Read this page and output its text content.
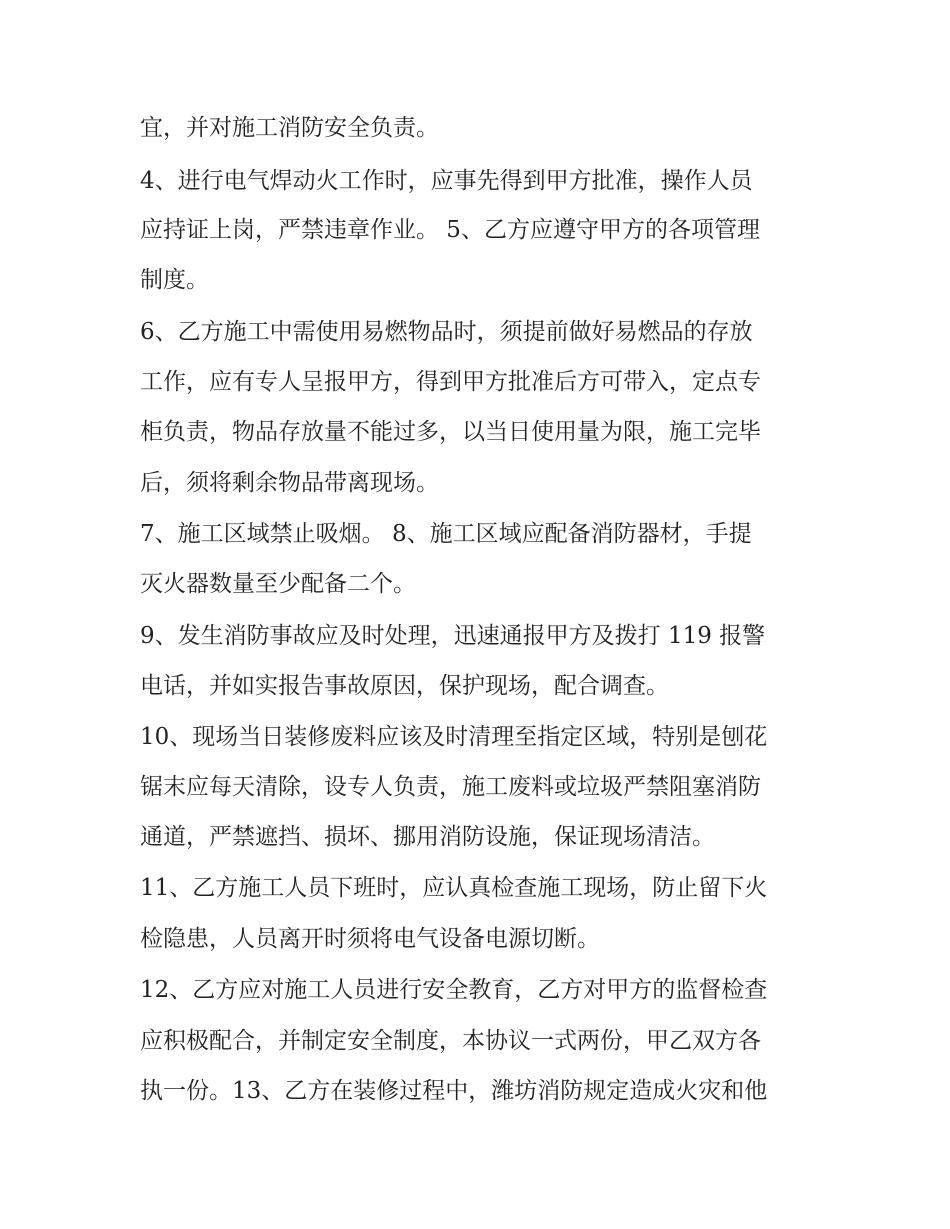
宜，并对施工消防安全负责。
4、进行电气焊动火工作时，应事先得到甲方批准，操作人员
应持证上岗，严禁违章作业。 5、乙方应遵守甲方的各项管理
制度。
6、乙方施工中需使用易燃物品时，须提前做好易燃品的存放
工作，应有专人呈报甲方，得到甲方批准后方可带入，定点专
柜负责，物品存放量不能过多，以当日使用量为限，施工完毕
后，须将剩余物品带离现场。
7、施工区域禁止吸烟。 8、施工区域应配备消防器材，手提
灭火器数量至少配备二个。
9、发生消防事故应及时处理，迅速通报甲方及拨打 119 报警
电话，并如实报告事故原因，保护现场，配合调查。
10、现场当日装修废料应该及时清理至指定区域，特别是刨花
锯末应每天清除，设专人负责，施工废料或垃圾严禁阻塞消防
通道，严禁遮挡、损坏、挪用消防设施，保证现场清洁。
11、乙方施工人员下班时，应认真检查施工现场，防止留下火
检隐患，人员离开时须将电气设备电源切断。
12、乙方应对施工人员进行安全教育，乙方对甲方的监督检查
应积极配合，并制定安全制度，本协议一式两份，甲乙双方各
执一份。13、乙方在装修过程中，潍坊消防规定造成火灾和他
